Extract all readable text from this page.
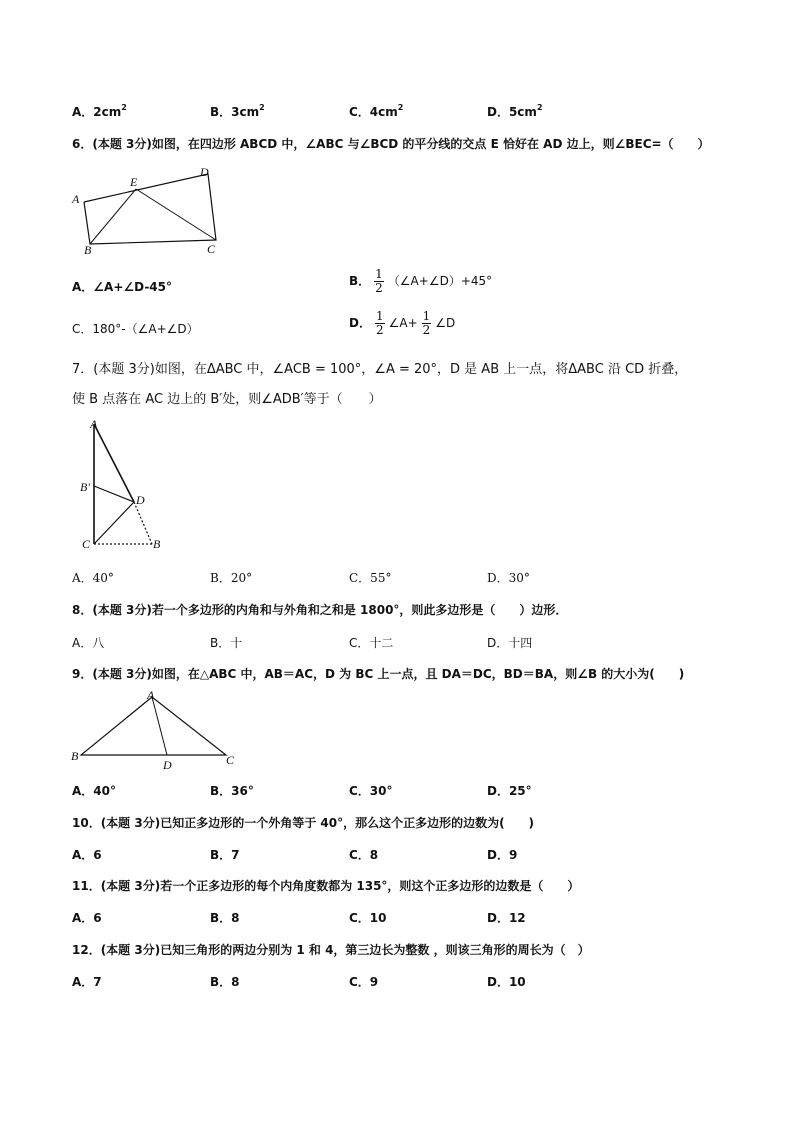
A．$2cm^2$	B．$3cm^2$	C．$4cm^2$	D．$5cm^2$
6．(本题 3分)如图，在四边形 ABCD 中，∠ABC 与∠BCD 的平分线的交点 E 恰好在 AD 边上，则∠BEC=（　　）
A
B	C
D
E
A．∠A+∠D-45°	B． $\frac{1}{2}$ （∠A+∠D）+45°
C．180°-（∠A+∠D）	D． $\frac{1}{2}$ ∠A+ $\frac{1}{2}$ ∠D
7．(本题 3分)如图，在ΔABC 中，∠ACB = 100°，∠A = 20°，D 是 AB 上一点，将ΔABC 沿 CD 折叠，
使 B 点落在 AC 边上的 B′处，则∠ADB′等于（　　）
A
B'
D
C	B
A．40°	B．20°	C．55°	D．30°
8．(本题 3分)若一个多边形的内角和与外角和之和是 1800°，则此多边形是（　　）边形．
A．八	B．十	C．十二	D．十四
9．(本题 3分)如图，在△ABC 中，AB＝AC，D 为 BC 上一点，且 DA＝DC，BD＝BA，则∠B 的大小为(　　)
A
B	C
D
A．40°	B．36°	C．30°	D．25°
10．(本题 3分)已知正多边形的一个外角等于 40°，那么这个正多边形的边数为(　　)
A．6	B．7	C．8	D．9
11．(本题 3分)若一个正多边形的每个内角度数都为 135°，则这个正多边形的边数是（　　）
A．6	B．8	C．10	D．12
12．(本题 3分)已知三角形的两边分别为 1 和 4，第三边长为整数 ，则该三角形的周长为（　）
A．7	B．8	C．9	D．10
